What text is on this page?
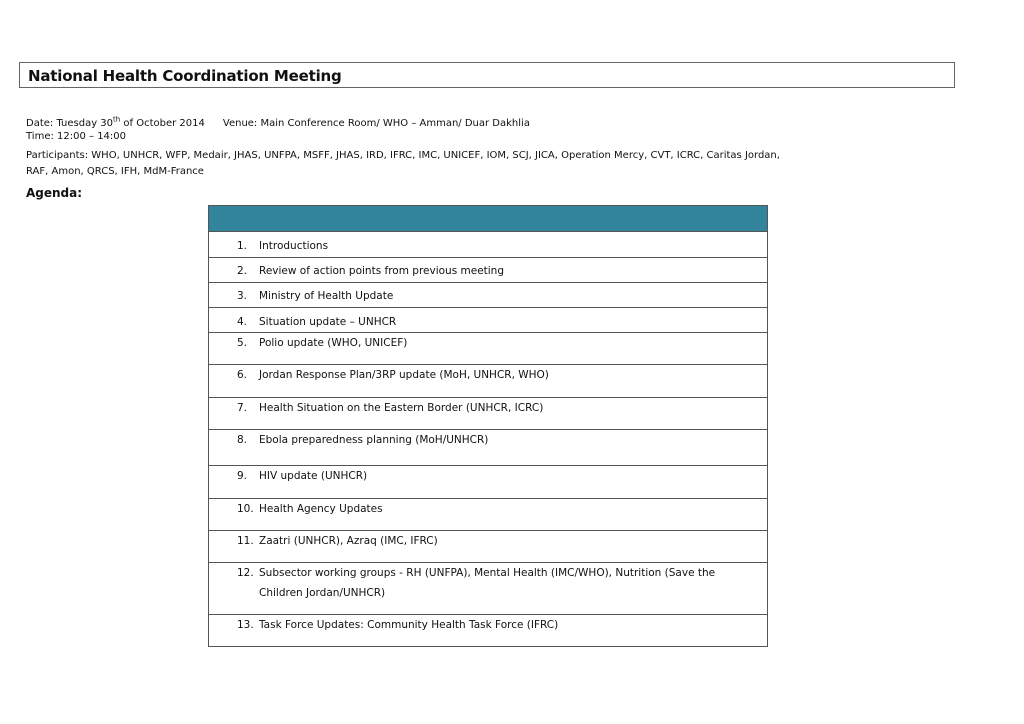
National Health Coordination Meeting
Date: Tuesday 30th of October 2014 Venue: Main Conference Room/ WHO – Amman/ Duar Dakhlia
Time: 12:00 – 14:00
Participants: WHO, UNHCR, WFP, Medair, JHAS, UNFPA, MSFF, JHAS, IRD, IFRC, IMC, UNICEF, IOM, SCJ, JICA, Operation Mercy, CVT, ICRC, Caritas Jordan,
RAF, Amon, QRCS, IFH, MdM-France
Agenda:

1. Introductions
2. Review of action points from previous meeting
3. Ministry of Health Update
4. Situation update – UNHCR
5. Polio update (WHO, UNICEF)
6. Jordan Response Plan/3RP update (MoH, UNHCR, WHO)
7. Health Situation on the Eastern Border (UNHCR, ICRC)
8. Ebola preparedness planning (MoH/UNHCR)
9. HIV update (UNHCR)
10. Health Agency Updates
11. Zaatri (UNHCR), Azraq (IMC, IFRC)

12. Subsector working groups - RH (UNFPA), Mental Health (IMC/WHO), Nutrition (Save the Children Jordan/UNHCR)

13. Task Force Updates: Community Health Task Force (IFRC)
